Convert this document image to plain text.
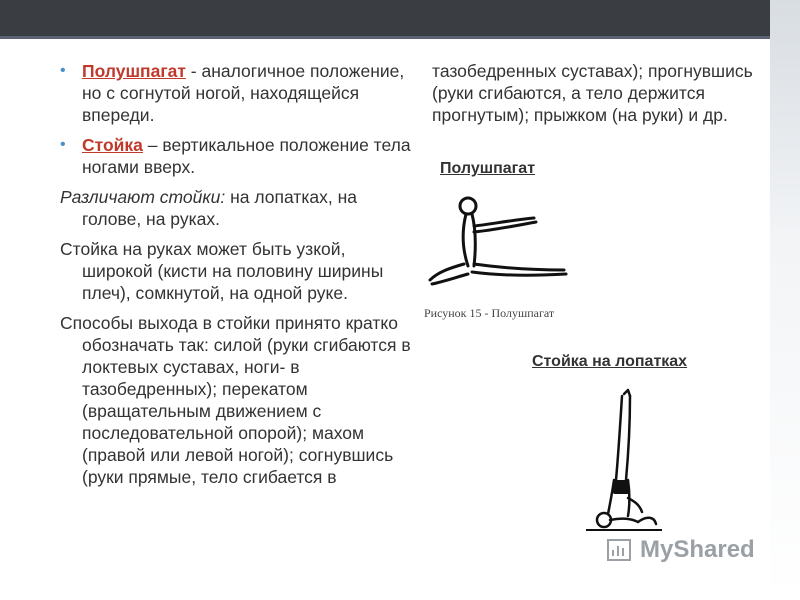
• Полушпагат - аналогичное положение, но с согнутой ногой, находящейся впереди.
• Стойка – вертикальное положение тела ногами вверх.

Различают стойки: на лопатках, на голове, на руках.

Стойка на руках может быть узкой, широкой (кисти на половину ширины плеч), сомкнутой, на одной руке.

Способы выхода в стойки принято кратко обозначать так: силой (руки сгибаются в локтевых суставах, ноги- в тазобедренных); перекатом (вращательным движением с последовательной опорой); махом (правой или левой ногой); согнувшись (руки прямые, тело сгибается в

тазобедренных суставах); прогнувшись (руки сгибаются, а тело держится прогнутым); прыжком (на руки) и др.

Полушпагат
Рисунок 15 - Полушпагат
Стойка на лопатках
MyShared
